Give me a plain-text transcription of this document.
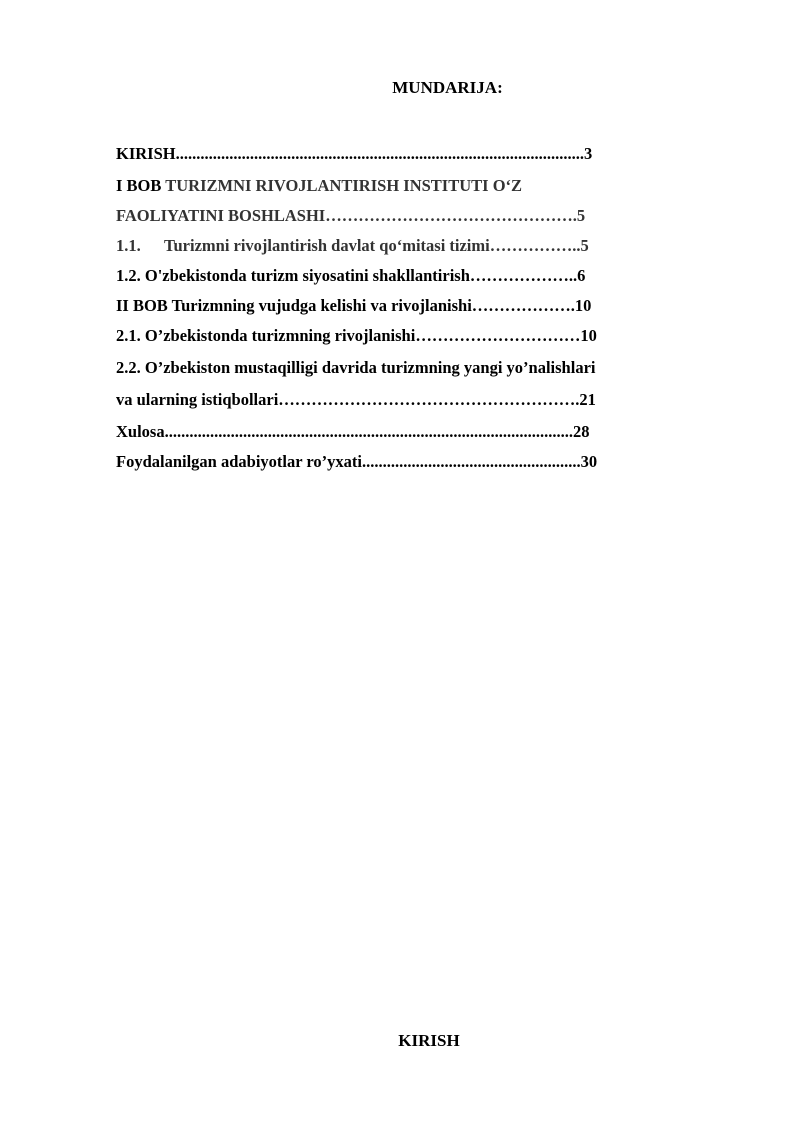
MUNDARIJA:
KIRISH...................................................................................................3
I BOB TURIZMNI RIVOJLANTIRISH INSTITUTI O‘Z
FAOLIYATINI BOSHLASHI……………………………………….5
1.1. Turizmni rivojlantirish davlat qo‘mitasi tizimi……………..5
1.2. O'zbekistonda turizm siyosatini shakllantirish………………..6
II BOB Turizmning vujudga kelishi va rivojlanishi……………….10
2.1. O’zbekistonda turizmning rivojlanishi…………………………10
2.2. O’zbekiston mustaqilligi davrida turizmning yangi yo’nalishlari
va ularning istiqbollari……………………………………………….21
Xulosa...................................................................................................28
Foydalanilgan adabiyotlar ro’yxati.....................................................30
KIRISH
